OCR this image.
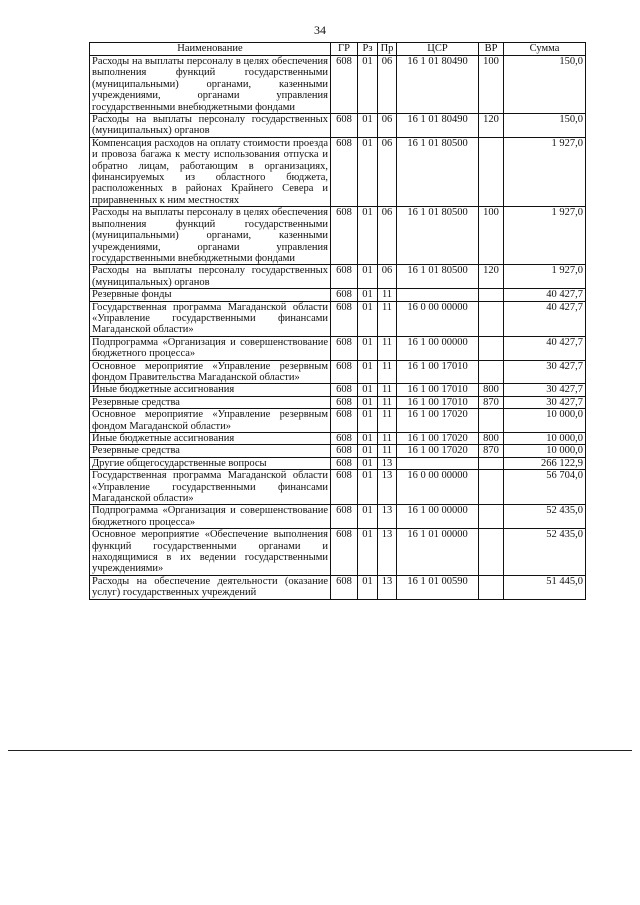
34
Наименование	ГР	Рз	Пр	ЦСР	ВР	Сумма
Расходы на выплаты персоналу в целях обеспечения выполнения функций государственными (муниципальными) органами, казенными учреждениями, органами управления государственными внебюджетными фондами	608	01	06	16 1 01 80490	100	150,0
Расходы на выплаты персоналу государственных (муниципальных) органов	608	01	06	16 1 01 80490	120	150,0
Компенсация расходов на оплату стоимости проезда и провоза багажа к месту использования отпуска и обратно лицам, работающим в организациях, финансируемых из областного бюджета, расположенных в районах Крайнего Севера и приравненных к ним местностях	608	01	06	16 1 01 80500		1 927,0
Расходы на выплаты персоналу в целях обеспечения выполнения функций государственными (муниципальными) органами, казенными учреждениями, органами управления государственными внебюджетными фондами	608	01	06	16 1 01 80500	100	1 927,0
Расходы на выплаты персоналу государственных (муниципальных) органов	608	01	06	16 1 01 80500	120	1 927,0
Резервные фонды	608	01	11			40 427,7
Государственная программа Магаданской области «Управление государственными финансами Магаданской области»	608	01	11	16 0 00 00000		40 427,7
Подпрограмма «Организация и совершенствование бюджетного процесса»	608	01	11	16 1 00 00000		40 427,7
Основное мероприятие «Управление резервным фондом Правительства Магаданской области»	608	01	11	16 1 00 17010		30 427,7
Иные бюджетные ассигнования	608	01	11	16 1 00 17010	800	30 427,7
Резервные средства	608	01	11	16 1 00 17010	870	30 427,7
Основное мероприятие «Управление резервным фондом Магаданской области»	608	01	11	16 1 00 17020		10 000,0
Иные бюджетные ассигнования	608	01	11	16 1 00 17020	800	10 000,0
Резервные средства	608	01	11	16 1 00 17020	870	10 000,0
Другие общегосударственные вопросы	608	01	13			266 122,9
Государственная программа Магаданской области «Управление государственными финансами Магаданской области»	608	01	13	16 0 00 00000		56 704,0
Подпрограмма «Организация и совершенствование бюджетного процесса»	608	01	13	16 1 00 00000		52 435,0
Основное мероприятие «Обеспечение выполнения функций государственными органами и находящимися в их ведении государственными учреждениями»	608	01	13	16 1 01 00000		52 435,0
Расходы на обеспечение деятельности (оказание услуг) государственных учреждений	608	01	13	16 1 01 00590		51 445,0
